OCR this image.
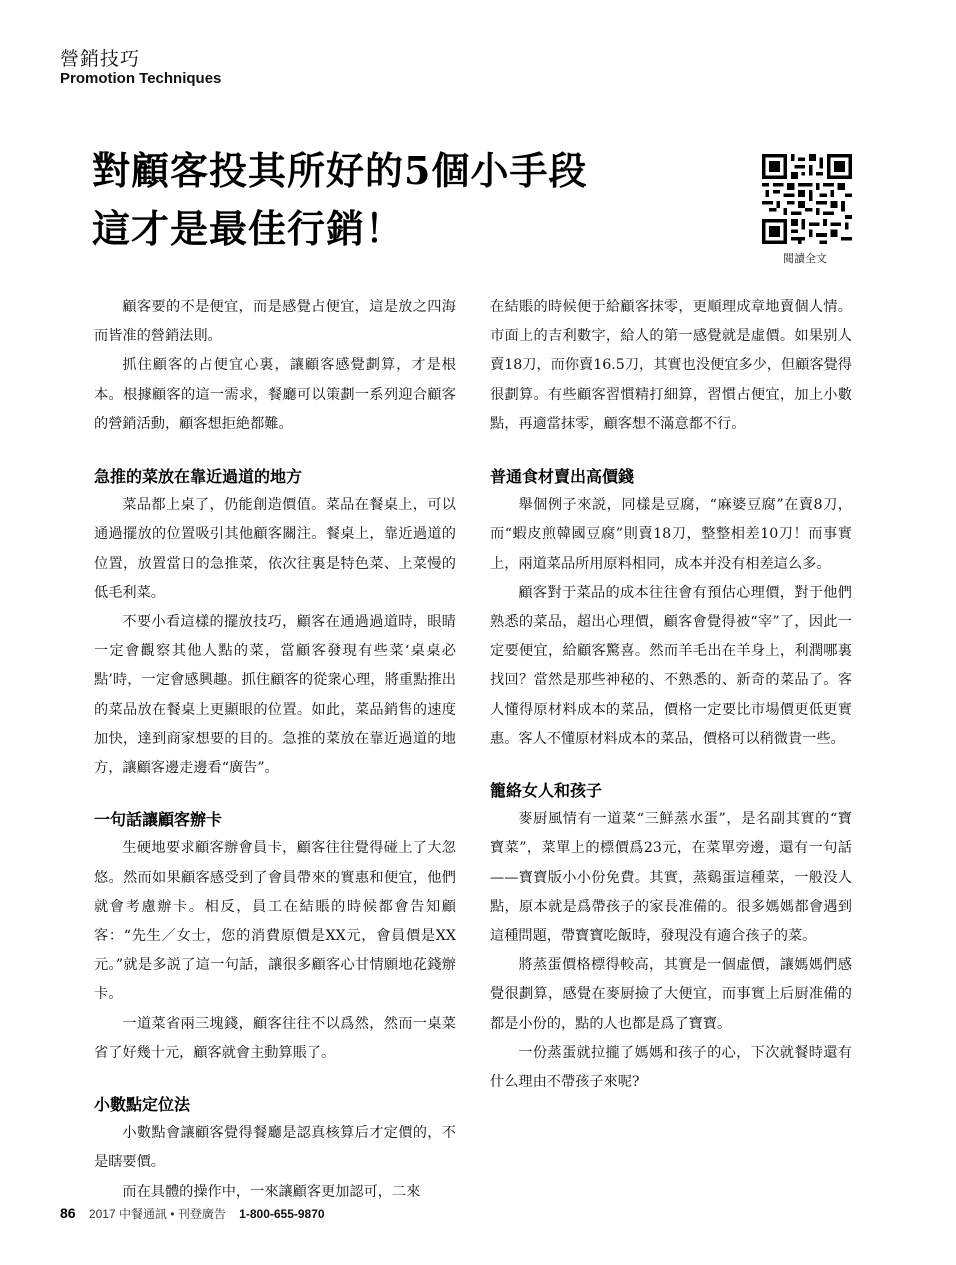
營銷技巧
Promotion Techniques
對顧客投其所好的5個小手段
這才是最佳行銷！
閱讀全文

顧客要的不是便宜，而是感覺占便宜，這是放之四海而皆准的營銷法則。

抓住顧客的占便宜心裏，讓顧客感覺劃算，才是根本。根據顧客的這一需求，餐廳可以策劃一系列迎合顧客的營銷活動，顧客想拒絶都難。

急推的菜放在靠近過道的地方

菜品都上桌了，仍能創造價值。菜品在餐桌上，可以通過擺放的位置吸引其他顧客關注。餐桌上，靠近過道的位置，放置當日的急推菜，依次往裏是特色菜、上菜慢的低毛利菜。

不要小看這樣的擺放技巧，顧客在通過過道時，眼睛一定會觀察其他人點的菜，當顧客發現有些菜‘桌桌必點’時，一定會感興趣。抓住顧客的從衆心理，將重點推出的菜品放在餐桌上更顯眼的位置。如此，菜品銷售的速度加快，達到商家想要的目的。急推的菜放在靠近過道的地方，讓顧客邊走邊看“廣告”。

一句話讓顧客辦卡

生硬地要求顧客辦會員卡，顧客往往覺得碰上了大忽悠。然而如果顧客感受到了會員帶來的實惠和便宜，他們就會考慮辦卡。相反，員工在結賬的時候都會告知顧客：“先生／女士，您的消費原價是XX元，會員價是XX元。”就是多説了這一句話，讓很多顧客心甘情願地花錢辦卡。

一道菜省兩三塊錢，顧客往往不以爲然，然而一桌菜省了好幾十元，顧客就會主動算賬了。

小數點定位法

小數點會讓顧客覺得餐廳是認真核算后才定價的，不是瞎要價。

而在具體的操作中，一來讓顧客更加認可，二來

在結賬的時候便于給顧客抹零，更順理成章地賣個人情。市面上的吉利數字，給人的第一感覺就是虛價。如果别人賣18刀，而你賣16.5刀，其實也没便宜多少，但顧客覺得很劃算。有些顧客習慣精打細算，習慣占便宜，加上小數點，再適當抹零，顧客想不滿意都不行。

普通食材賣出高價錢

舉個例子來説，同樣是豆腐，“麻婆豆腐”在賣8刀，而“蝦皮煎韓國豆腐”則賣18刀，整整相差10刀！而事實上，兩道菜品所用原料相同，成本并没有相差這么多。

顧客對于菜品的成本往往會有預估心理價，對于他們熟悉的菜品，超出心理價，顧客會覺得被“宰”了，因此一定要便宜，給顧客驚喜。然而羊毛出在羊身上，利潤哪裏找回？當然是那些神秘的、不熟悉的、新奇的菜品了。客人懂得原材料成本的菜品，價格一定要比市場價更低更實惠。客人不懂原材料成本的菜品，價格可以稍微貴一些。

籠絡女人和孩子

麥厨風情有一道菜“三鮮蒸水蛋”，是名副其實的“寶寶菜”，菜單上的標價爲23元，在菜單旁邊，還有一句話——寶寶版小小份免費。其實，蒸鷄蛋這種菜，一般没人點，原本就是爲帶孩子的家長准備的。很多媽媽都會遇到這種問題，帶寶寶吃飯時，發現没有適合孩子的菜。

將蒸蛋價格標得較高，其實是一個虛價，讓媽媽們感覺很劃算，感覺在麥厨撿了大便宜，而事實上后厨准備的都是小份的，點的人也都是爲了寶寶。

一份蒸蛋就拉攏了媽媽和孩子的心，下次就餐時還有什么理由不帶孩子來呢?

86 2017 中餐通訊 • 刊登廣告 1-800-655-9870
